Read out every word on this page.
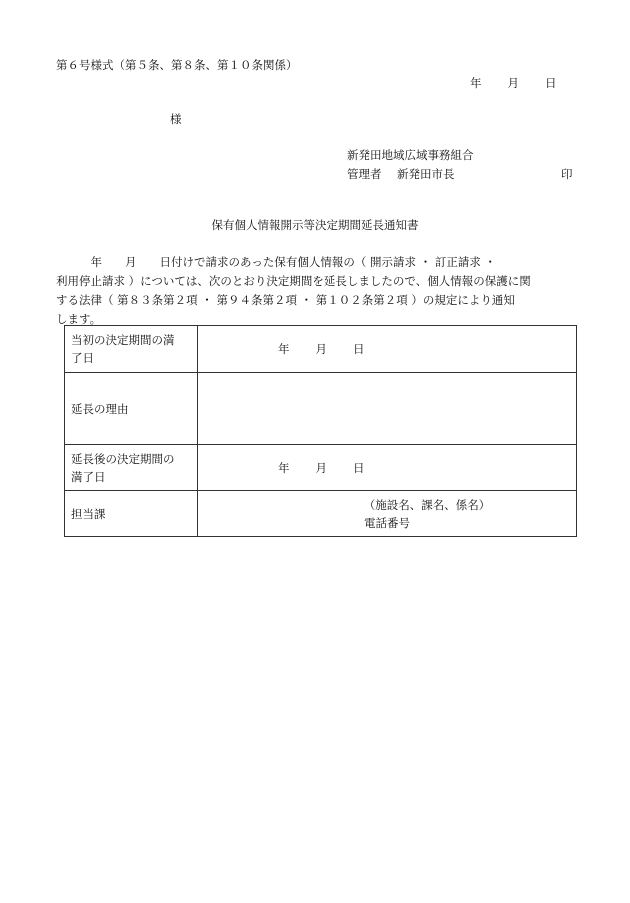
第６号様式（第５条、第８条、第１０条関係）
年 月 日
様
新発田地域広域事務組合
管理者 新発田市長	印
保有個人情報開示等決定期間延長通知書
　　　年　　月　　日付けで請求のあった保有個人情報の（ 開示請求 ・ 訂正請求 ・
利用停止請求 ）については、次のとおり決定期間を延長しましたので、個人情報の保護に関
する法律（ 第８３条第２項 ・ 第９４条第２項 ・ 第１０２条第２項 ）の規定により通知
します。
当初の決定期間の満
了日	年 月 日

延長の理由	

延長後の決定期間の
満了日	年 月 日

担当課	（施設名、課名、係名）
電話番号
